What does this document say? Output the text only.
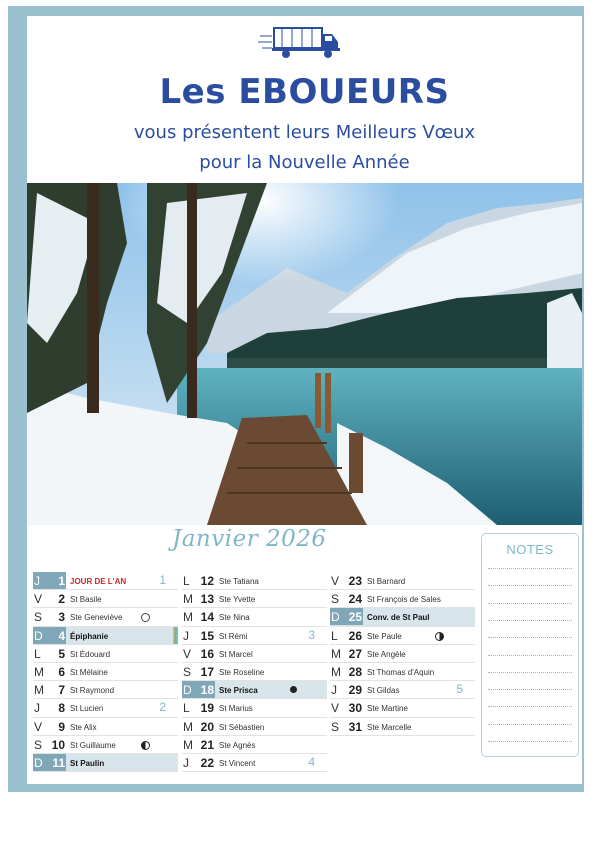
Les EBOUEURS
vous présentent leurs Meilleurs Vœux
pour la Nouvelle Année
Janvier 2026	NOTES
J	1 JOUR DE L'AN	1
V	2 St Basile
S	3 Ste Geneviève
D	4 Épiphanie
L	5 St Édouard
M	6 St Mélaine
M	7 St Raymond
J	8 St Lucien	2
V	9 Ste Alix
S 10 St Guillaume
D 11 St Paulin
L 12 Ste Tatiana
M 13 Ste Yvette
M 14 Ste Nina
J 15 St Rémi	3
V 16 St Marcel
S 17 Ste Roseline
D 18 Ste Prisca
L 19 St Marius
M 20 St Sébastien
M 21 Ste Agnès
J 22 St Vincent	4
V 23 St Barnard
S 24 St François de Sales
D 25 Conv. de St Paul
L 26 Ste Paule
M 27 Ste Angèle
M 28 St Thomas d'Aquin
J 29 St Gildas	5
V 30 Ste Martine
S 31 Ste Marcelle
